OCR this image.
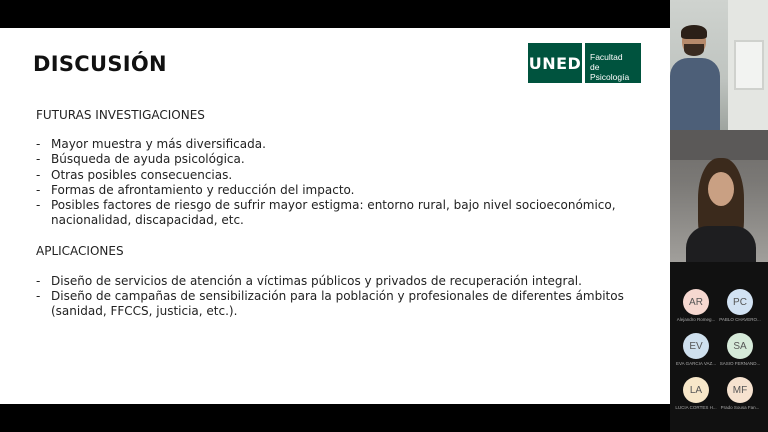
DISCUSIÓN	UNED Facultad
de Psicología
FUTURAS INVESTIGACIONES
- Mayor muestra y más diversificada.
- Búsqueda de ayuda psicológica.
- Otras posibles consecuencias.
- Formas de afrontamiento y reducción del impacto.
- Posibles factores de riesgo de sufrir mayor estigma: entorno rural, bajo nivel socioeconómico, nacionalidad, discapacidad, etc.
APLICACIONES
- Diseño de servicios de atención a víctimas públicos y privados de recuperación integral.
- Diseño de campañas de sensibilización para la población y profesionales de diferentes ámbitos (sanidad, FFCCS, justicia, etc.).
AR
Alejandro Romeg...
PC
PABLO CHAVERO...
EV
EVA GARCIA VAZ...
SA
SASIO FERNAND...
LA
LUCIA CORTES H...
MF
Prado Sousa Fan...
